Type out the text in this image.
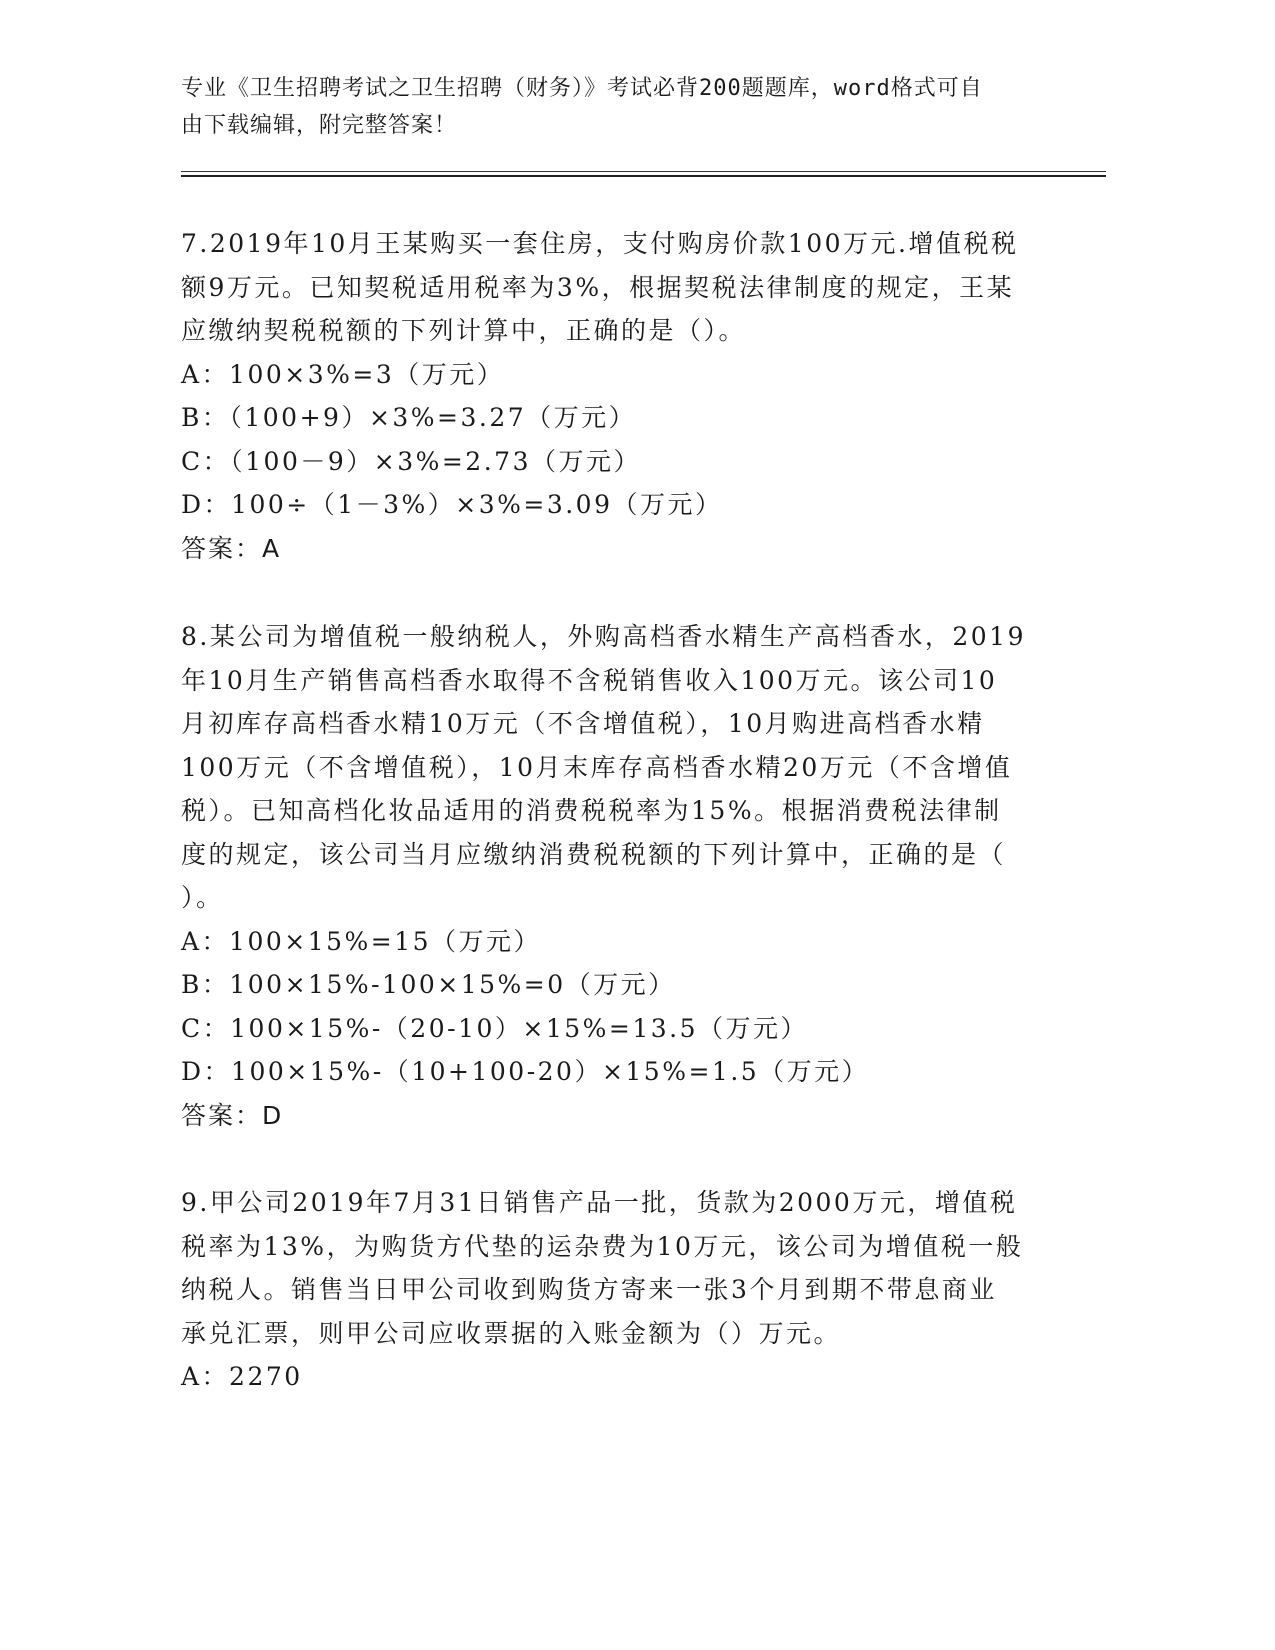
专业《卫生招聘考试之卫生招聘（财务）》考试必背200题题库，word格式可自
由下载编辑，附完整答案！

7.2019年10月王某购买一套住房，支付购房价款100万元.增值税税

额9万元。已知契税适用税率为3%，根据契税法律制度的规定，王某

应缴纳契税税额的下列计算中，正确的是（）。

A：100×3%=3（万元）

B：（100+9）×3%=3.27（万元）

C：（100－9）×3%=2.73（万元）

D：100÷（1－3%）×3%=3.09（万元）

答案：A

8.某公司为增值税一般纳税人，外购高档香水精生产高档香水，2019

年10月生产销售高档香水取得不含税销售收入100万元。该公司10

月初库存高档香水精10万元（不含增值税），10月购进高档香水精

100万元（不含增值税），10月末库存高档香水精20万元（不含增值

税）。已知高档化妆品适用的消费税税率为15%。根据消费税法律制

度的规定，该公司当月应缴纳消费税税额的下列计算中，正确的是（

）。

A：100×15%=15（万元）

B：100×15%-100×15%=0（万元）

C：100×15%-（20-10）×15%=13.5（万元）

D：100×15%-（10+100-20）×15%=1.5（万元）

答案：D

9.甲公司2019年7月31日销售产品一批，货款为2000万元，增值税

税率为13%，为购货方代垫的运杂费为10万元，该公司为增值税一般

纳税人。销售当日甲公司收到购货方寄来一张3个月到期不带息商业

承兑汇票，则甲公司应收票据的入账金额为（）万元。

A：2270
